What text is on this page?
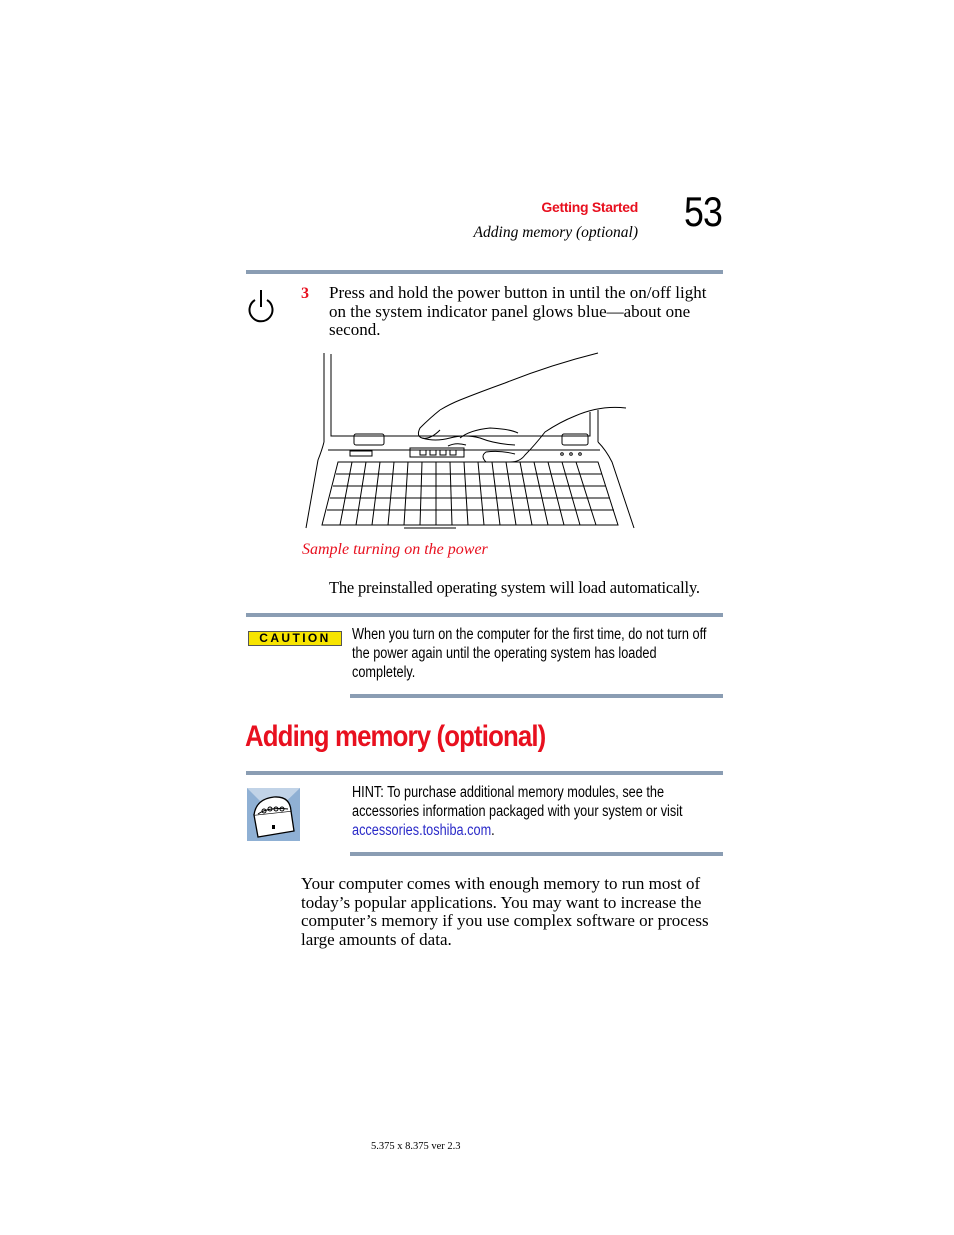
Getting Started
Adding memory (optional) 53
3 Press and hold the power button in until the on/off light on the system indicator panel glows blue—about one second.
Sample turning on the power
The preinstalled operating system will load automatically.
CAUTION	When you turn on the computer for the first time, do not turn off the power again until the operating system has loaded completely.
Adding memory (optional)
HINT: To purchase additional memory modules, see the accessories information packaged with your system or visit accessories.toshiba.com.
Your computer comes with enough memory to run most of today’s popular applications. You may want to increase the computer’s memory if you use complex software or process large amounts of data.
5.375 x 8.375 ver 2.3
